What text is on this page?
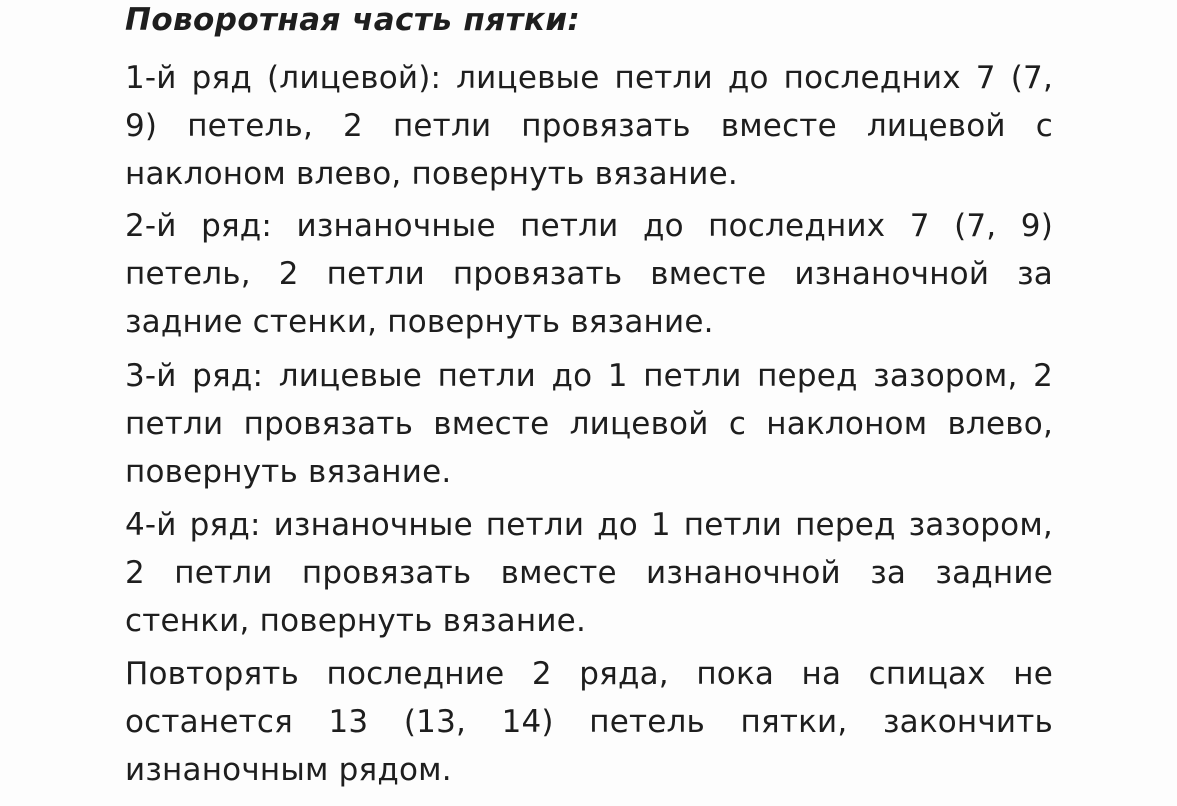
Поворотная часть пятки:

1-й ряд (лицевой): лицевые петли до последних 7 (7, 9) петель, 2 петли провязать вместе лицевой с наклоном влево, повернуть вязание.

2-й ряд: изнаночные петли до последних 7 (7, 9) петель, 2 петли провязать вместе изнаночной за задние стенки, повернуть вязание.

3-й ряд: лицевые петли до 1 петли перед зазором, 2 петли провязать вместе лицевой с наклоном влево, повернуть вязание.

4-й ряд: изнаночные петли до 1 петли перед зазором, 2 петли провязать вместе изнаночной за задние стенки, повернуть вязание.

Повторять последние 2 ряда, пока на спицах не останется 13 (13, 14) петель пятки, закончить изнаночным рядом.
